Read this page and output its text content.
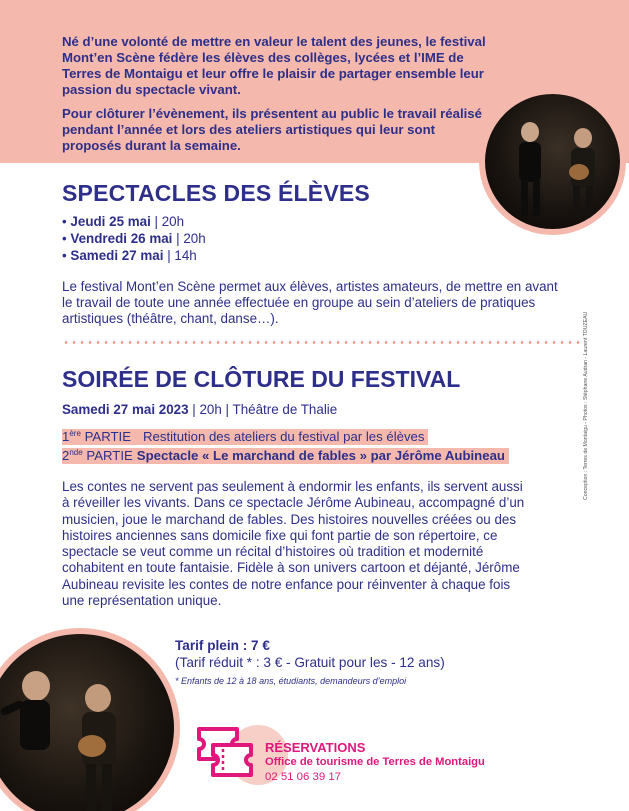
Né d’une volonté de mettre en valeur le talent des jeunes, le festival Mont’en Scène fédère les élèves des collèges, lycées et l’IME de Terres de Montaigu et leur offre le plaisir de partager ensemble leur passion du spectacle vivant.

Pour clôturer l’évènement, ils présentent au public le travail réalisé pendant l’année et lors des ateliers artistiques qui leur sont proposés durant la semaine.

SPECTACLES DES ÉLÈVES
• Jeudi 25 mai | 20h
• Vendredi 26 mai | 20h
• Samedi 27 mai | 14h
Le festival Mont’en Scène permet aux élèves, artistes amateurs, de mettre en avant le travail de toute une année effectuée en groupe au sein d’ateliers de pratiques artistiques (théâtre, chant, danse…).
SOIRÉE DE CLÔTURE DU FESTIVAL
Samedi 27 mai 2023 | 20h | Théâtre de Thalie
1ère PARTIE Restitution des ateliers du festival par les élèves
2nde PARTIE Spectacle « Le marchand de fables » par Jérôme Aubineau
Les contes ne servent pas seulement à endormir les enfants, ils servent aussi à réveiller les vivants. Dans ce spectacle Jérôme Aubineau, accompagné d’un musicien, joue le marchand de fables. Des histoires nouvelles créées ou des histoires anciennes sans domicile fixe qui font partie de son répertoire, ce spectacle se veut comme un récital d’histoires où tradition et modernité cohabitent en toute fantaisie. Fidèle à son univers cartoon et déjanté, Jérôme Aubineau revisite les contes de notre enfance pour réinventer à chaque fois une représentation unique.
Conception : Terres de Montaigu - Photos : Stéphane Audran - Laurent TOUZEAU
Tarif plein : 7 €
(Tarif réduit * : 3 € - Gratuit pour les - 12 ans)
* Enfants de 12 à 18 ans, étudiants, demandeurs d’emploi
RÉSERVATIONS
Office de tourisme de Terres de Montaigu
02 51 06 39 17
